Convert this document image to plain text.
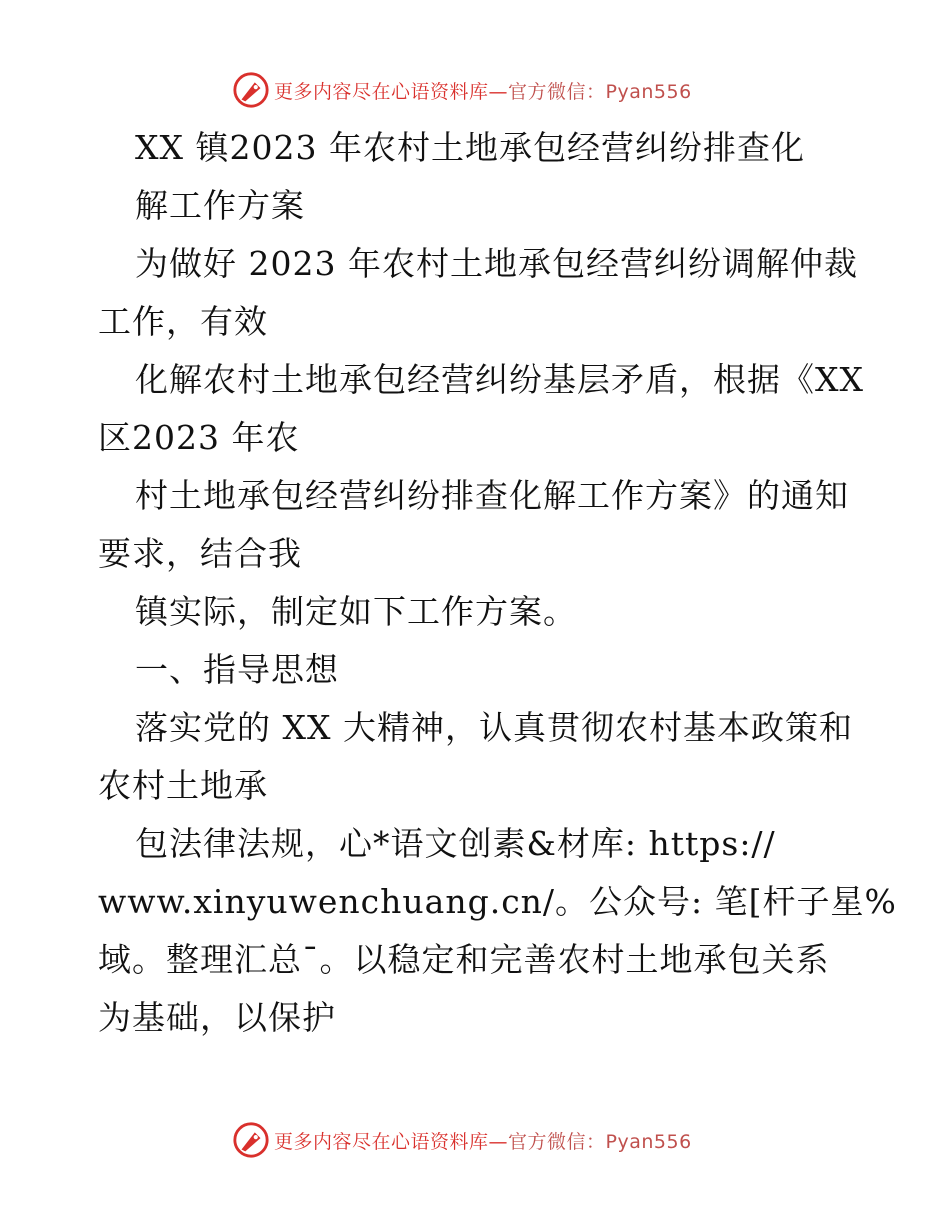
更多内容尽在心语资料库—官方微信：Pyan556
XX 镇2023 年农村土地承包经营纠纷排查化
解工作方案
为做好 2023 年农村土地承包经营纠纷调解仲裁
工作，有效
化解农村土地承包经营纠纷基层矛盾，根据《XX
区2023 年农
村土地承包经营纠纷排查化解工作方案》的通知
要求，结合我
镇实际，制定如下工作方案。
一、指导思想
落实党的 XX 大精神，认真贯彻农村基本政策和
农村土地承
包法律法规，心*语文创素&材库: https://
www.xinyuwenchuang.cn/。公众号: 笔[杆子星%
域。整理汇总¯。以稳定和完善农村土地承包关系
为基础，以保护
更多内容尽在心语资料库—官方微信：Pyan556
